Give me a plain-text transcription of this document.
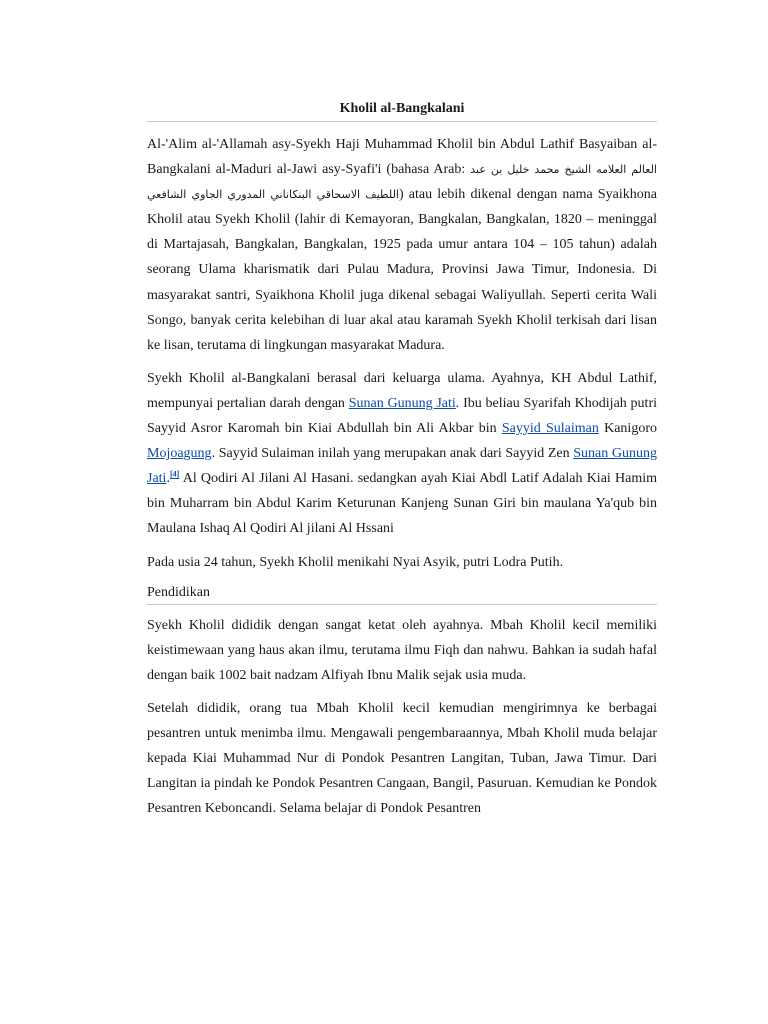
Kholil al-Bangkalani

Al-'Alim al-'Allamah asy-Syekh Haji Muhammad Kholil bin Abdul Lathif Basyaiban al-Bangkalani al-Maduri al-Jawi asy-Syafi'i (bahasa Arab: العالم العلامه الشيخ محمد خليل بن عبد اللطيف الاسحاقي البنكاناني المدوري الجاوي الشافعي) atau lebih dikenal dengan nama Syaikhona Kholil atau Syekh Kholil (lahir di Kemayoran, Bangkalan, Bangkalan, 1820 – meninggal di Martajasah, Bangkalan, Bangkalan, 1925 pada umur antara 104 – 105 tahun) adalah seorang Ulama kharismatik dari Pulau Madura, Provinsi Jawa Timur, Indonesia. Di masyarakat santri, Syaikhona Kholil juga dikenal sebagai Waliyullah. Seperti cerita Wali Songo, banyak cerita kelebihan di luar akal atau karamah Syekh Kholil terkisah dari lisan ke lisan, terutama di lingkungan masyarakat Madura.

Syekh Kholil al-Bangkalani berasal dari keluarga ulama. Ayahnya, KH Abdul Lathif, mempunyai pertalian darah dengan Sunan Gunung Jati. Ibu beliau Syarifah Khodijah putri Sayyid Asror Karomah bin Kiai Abdullah bin Ali Akbar bin Sayyid Sulaiman Kanigoro Mojoagung. Sayyid Sulaiman inilah yang merupakan anak dari Sayyid Zen Sunan Gunung Jati.[4] Al Qodiri Al Jilani Al Hasani. sedangkan ayah Kiai Abdl Latif Adalah Kiai Hamim bin Muharram bin Abdul Karim Keturunan Kanjeng Sunan Giri bin maulana Ya'qub bin Maulana Ishaq Al Qodiri Al jilani Al Hssani

Pada usia 24 tahun, Syekh Kholil menikahi Nyai Asyik, putri Lodra Putih.

Pendidikan

Syekh Kholil dididik dengan sangat ketat oleh ayahnya. Mbah Kholil kecil memiliki keistimewaan yang haus akan ilmu, terutama ilmu Fiqh dan nahwu. Bahkan ia sudah hafal dengan baik 1002 bait nadzam Alfiyah Ibnu Malik sejak usia muda.

Setelah dididik, orang tua Mbah Kholil kecil kemudian mengirimnya ke berbagai pesantren untuk menimba ilmu. Mengawali pengembaraannya, Mbah Kholil muda belajar kepada Kiai Muhammad Nur di Pondok Pesantren Langitan, Tuban, Jawa Timur. Dari Langitan ia pindah ke Pondok Pesantren Cangaan, Bangil, Pasuruan. Kemudian ke Pondok Pesantren Keboncandi. Selama belajar di Pondok Pesantren
